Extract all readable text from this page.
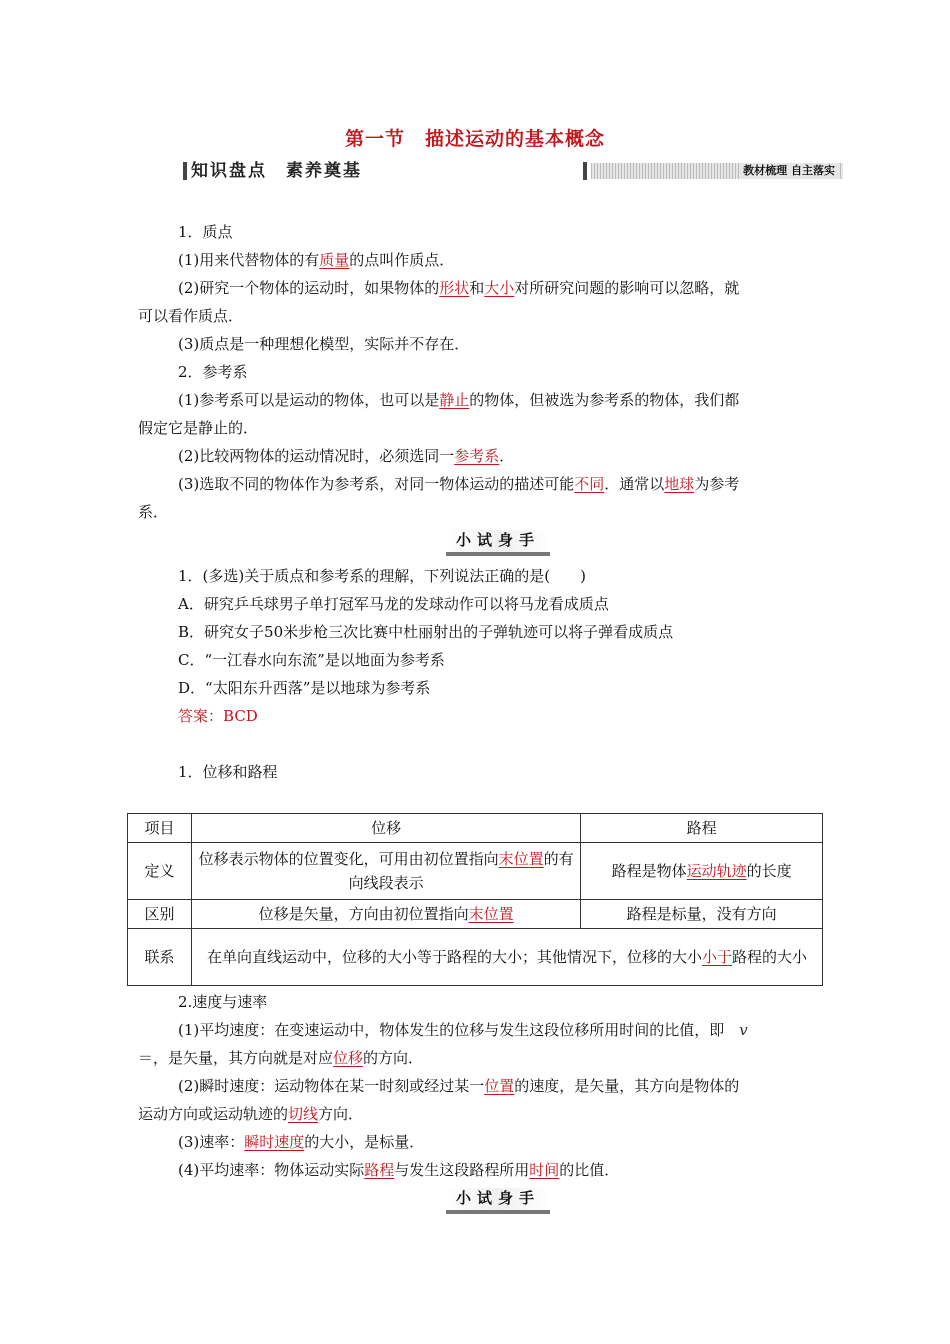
第一节　描述运动的基本概念
知识盘点　素养奠基	教材梳理 自主落实
1．质点
(1)用来代替物体的有质量的点叫作质点．
(2)研究一个物体的运动时，如果物体的形状和大小对所研究问题的影响可以忽略，就
可以看作质点．
(3)质点是一种理想化模型，实际并不存在．
2．参考系
(1)参考系可以是运动的物体，也可以是静止的物体，但被选为参考系的物体，我们都
假定它是静止的．
(2)比较两物体的运动情况时，必须选同一参考系．
(3)选取不同的物体作为参考系，对同一物体运动的描述可能不同．通常以地球为参考
系．
小试身手
1．(多选)关于质点和参考系的理解，下列说法正确的是(　　)
A．研究乒乓球男子单打冠军马龙的发球动作可以将马龙看成质点
B．研究女子50米步枪三次比赛中杜丽射出的子弹轨迹可以将子弹看成质点
C．“一江春水向东流”是以地面为参考系
D．“太阳东升西落”是以地球为参考系
答案：BCD
1．位移和路程
项目	位移	路程
定义	位移表示物体的位置变化，可用由初位置指向末位置的有向线段表示	路程是物体运动轨迹的长度
区别	位移是矢量，方向由初位置指向末位置	路程是标量，没有方向
联系	在单向直线运动中，位移的大小等于路程的大小；其他情况下，位移的大小小于路程的大小	
2.速度与速率
(1)平均速度：在变速运动中，物体发生的位移与发生这段位移所用时间的比值，即　 v
＝，是矢量，其方向就是对应位移的方向．
(2)瞬时速度：运动物体在某一时刻或经过某一位置的速度，是矢量，其方向是物体的
运动方向或运动轨迹的切线方向．
(3)速率：瞬时速度的大小，是标量．
(4)平均速率：物体运动实际路程与发生这段路程所用时间的比值．
小试身手
